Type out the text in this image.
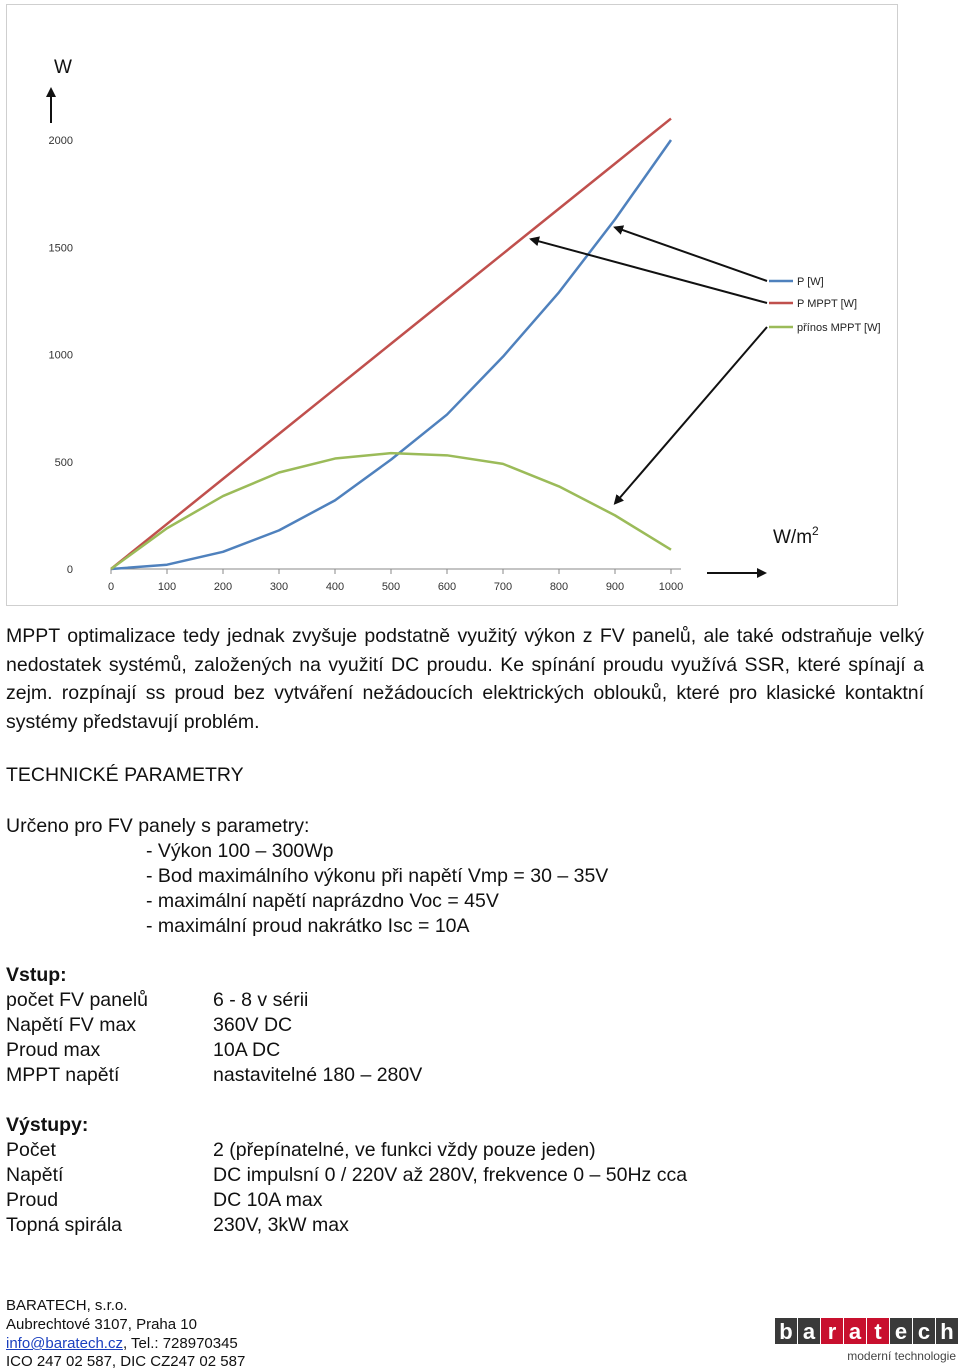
0	100	200	300	400	500	600	700	800	900	1000
0
500
1000
1500
2000
W
$W/m^2$
P [W]
P MPPT [W]
přínos MPPT [W]
MPPT optimalizace tedy jednak zvyšuje podstatně využitý výkon z FV panelů, ale také odstraňuje velký nedostatek systémů, založených na využití DC proudu. Ke spínání proudu využívá SSR, které spínají a zejm. rozpínají ss proud bez vytváření nežádoucích elektrických oblouků, které pro klasické kontaktní systémy představují problém.
TECHNICKÉ PARAMETRY
Určeno pro FV panely s parametry:
- Výkon 100 – 300Wp
- Bod maximálního výkonu při napětí Vmp = 30 – 35V
- maximální napětí naprázdno Voc = 45V
- maximální proud nakrátko Isc = 10A
Vstup:
počet FV panelů	6 - 8 v sérii
Napětí FV max	360V DC
Proud max	10A DC
MPPT napětí	nastavitelné 180 – 280V
Výstupy:
Počet	2 (přepínatelné, ve funkci vždy pouze jeden)
Napětí	DC impulsní 0 / 220V až 280V, frekvence 0 – 50Hz cca
Proud	DC 10A max
Topná spirála	230V, 3kW max
BARATECH, s.r.o.
Aubrechtové 3107, Praha 10
info@baratech.cz, Tel.: 728970345
ICO 247 02 587, DIC CZ247 02 587
b a r a t e c h
moderní technologie
